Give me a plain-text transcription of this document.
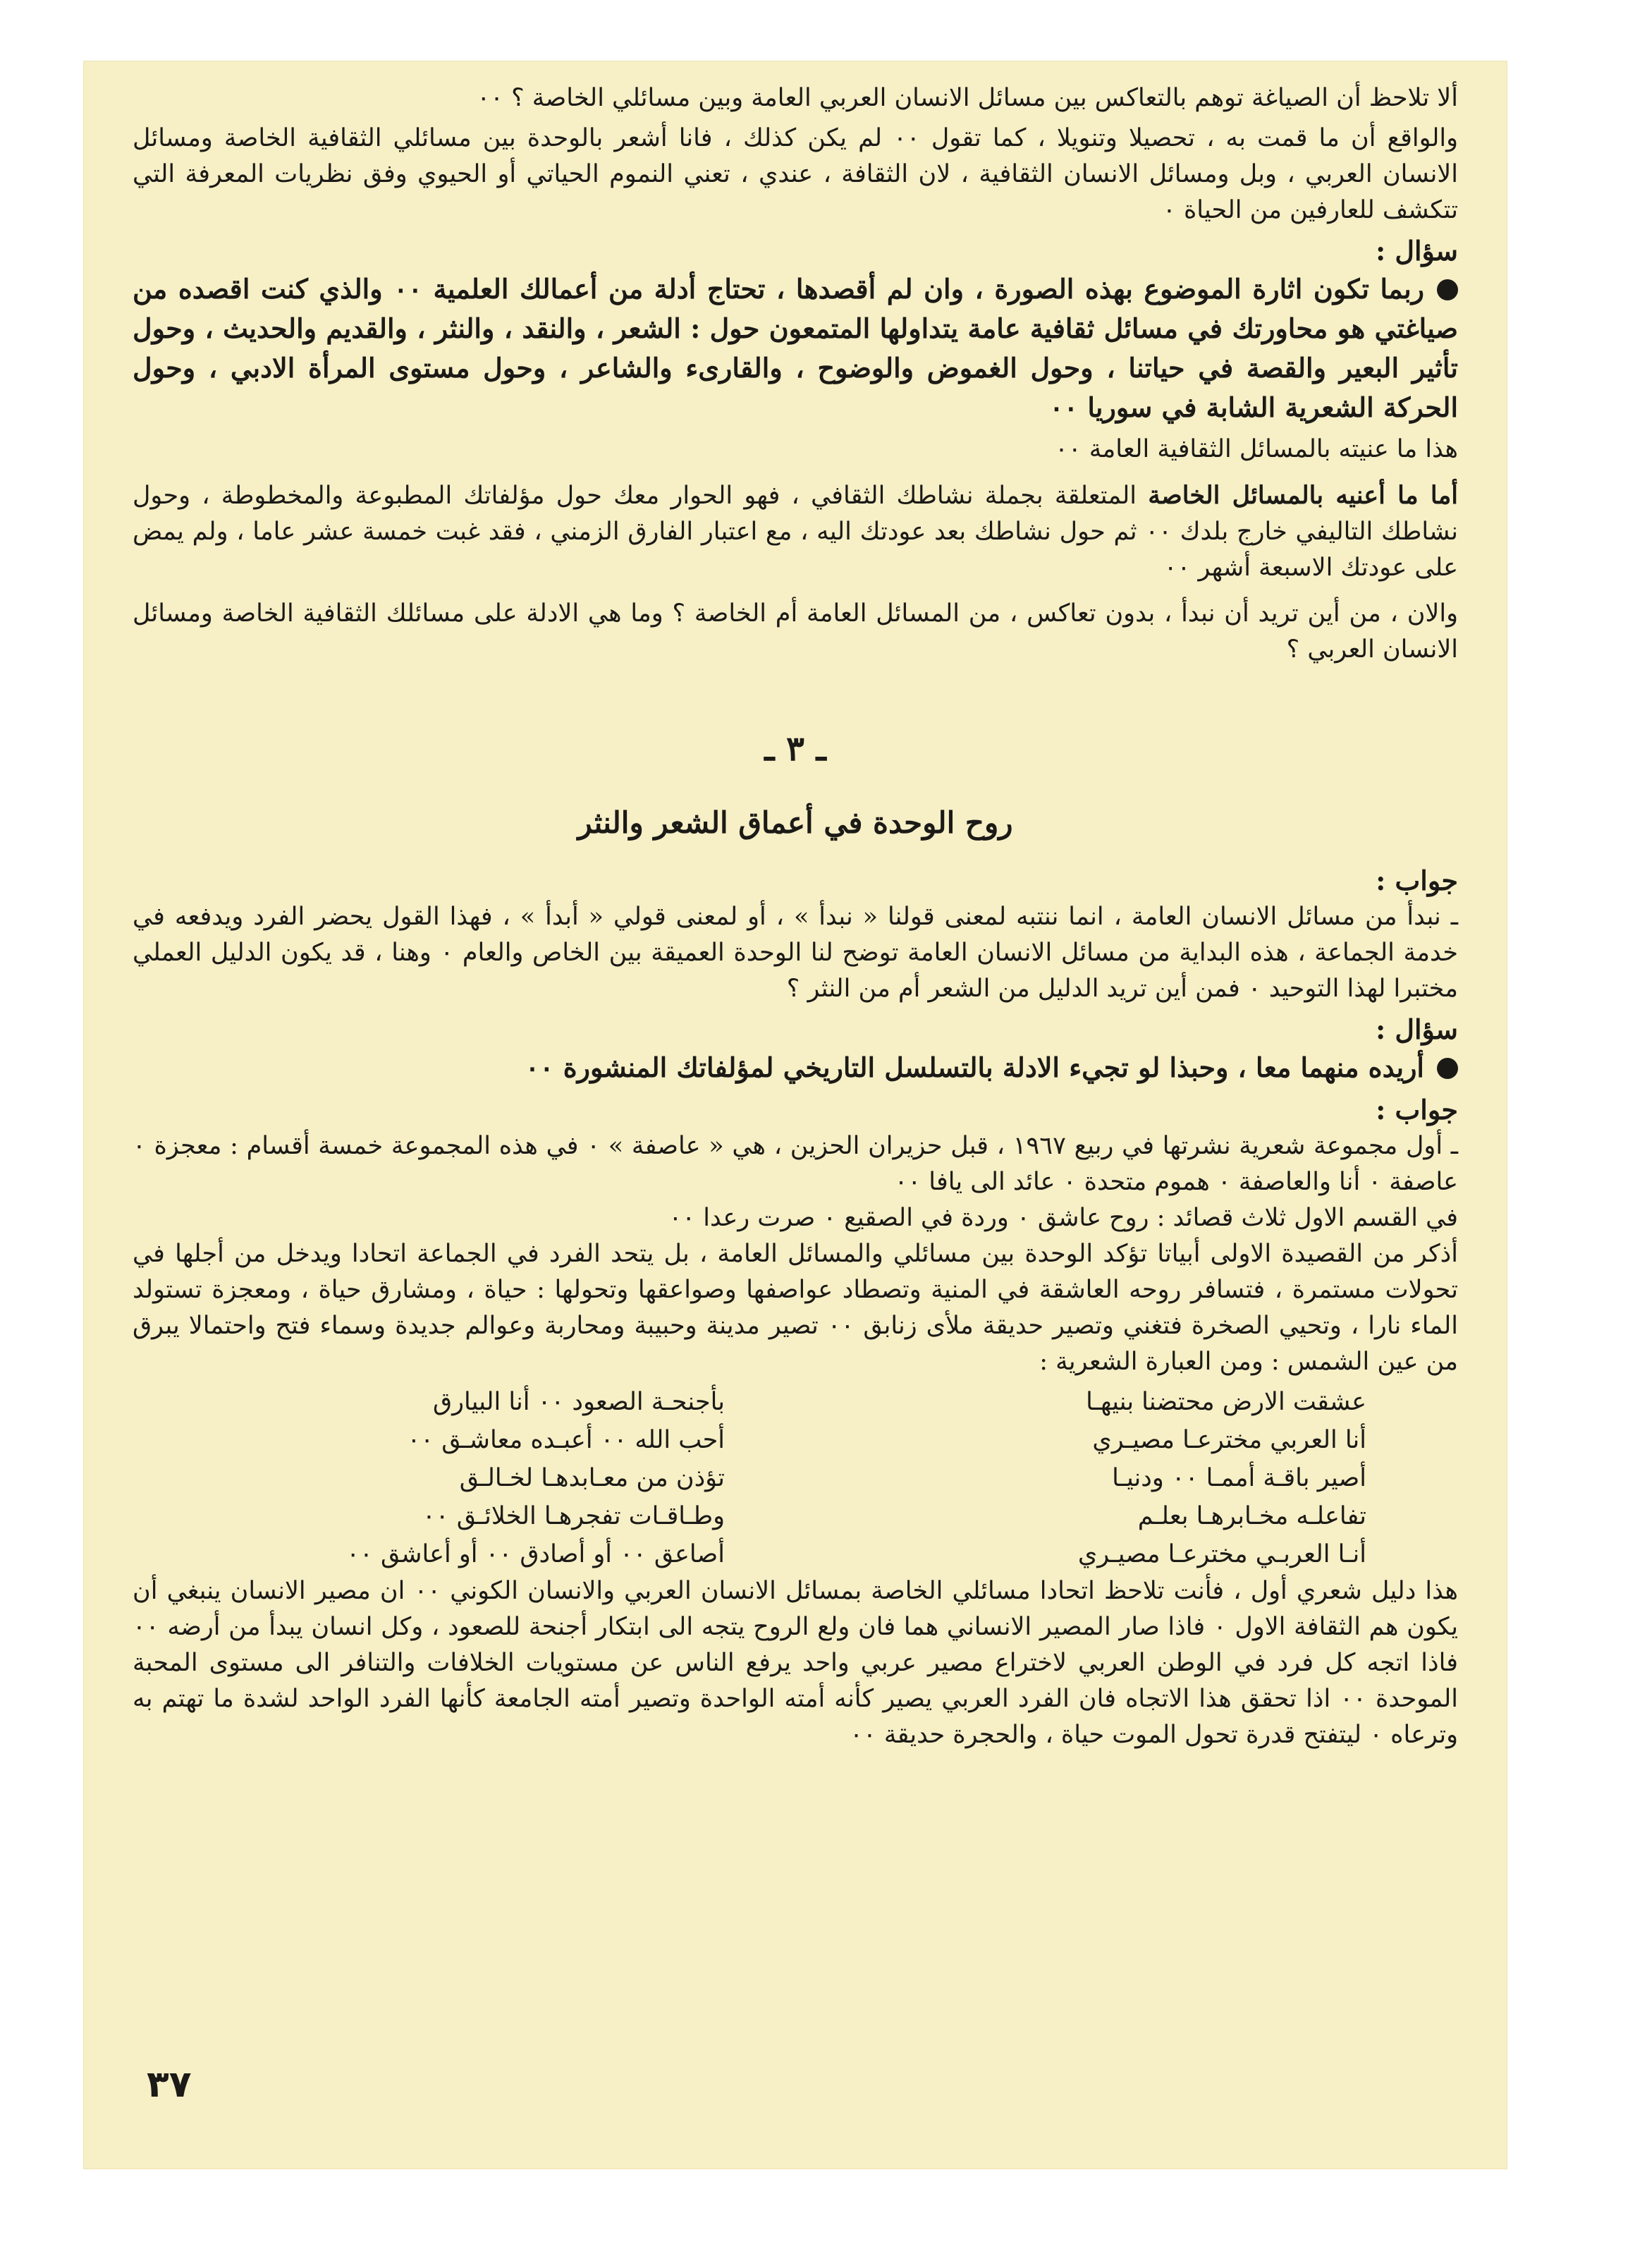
ألا تلاحظ أن الصياغة توهم بالتعاكس بين مسائل الانسان العربي العامة وبين مسائلي الخاصة ؟ ٠٠

والواقع أن ما قمت به ، تحصيلا وتنويلا ، كما تقول ٠٠ لم يكن كذلك ، فانا أشعر بالوحدة بين مسائلي الثقافية الخاصة ومسائل الانسان العربي ، وبل ومسائل الانسان الثقافية ، لان الثقافة ، عندي ، تعني النموم الحياتي أو الحيوي وفق نظريات المعرفة التي تتكشف للعارفين من الحياة ٠

سؤال :

ربما تكون اثارة الموضوع بهذه الصورة ، وان لم أقصدها ، تحتاج أدلة من أعمالك العلمية ٠٠ والذي كنت اقصده من صياغتي هو محاورتك في مسائل ثقافية عامة يتداولها المتمعون حول : الشعر ، والنقد ، والنثر ، والقديم والحديث ، وحول تأثير البعير والقصة في حياتنا ، وحول الغموض والوضوح ، والقارىء والشاعر ، وحول مستوى المرأة الادبي ، وحول الحركة الشعرية الشابة في سوريا ٠٠

هذا ما عنيته بالمسائل الثقافية العامة ٠٠

أما ما أعنيه بالمسائل الخاصة المتعلقة بجملة نشاطك الثقافي ، فهو الحوار معك حول مؤلفاتك المطبوعة والمخطوطة ، وحول نشاطك التاليفي خارج بلدك ٠٠ ثم حول نشاطك بعد عودتك اليه ، مع اعتبار الفارق الزمني ، فقد غبت خمسة عشر عاما ، ولم يمض على عودتك الاسبعة أشهر ٠٠

والان ، من أين تريد أن نبدأ ، بدون تعاكس ، من المسائل العامة أم الخاصة ؟ وما هي الادلة على مسائلك الثقافية الخاصة ومسائل الانسان العربي ؟

ـ ٣ ـ
روح الوحدة في أعماق الشعر والنثر
جواب :

ـ نبدأ من مسائل الانسان العامة ، انما ننتبه لمعنى قولنا « نبدأ » ، أو لمعنى قولي « أبدأ » ، فهذا القول يحضر الفرد ويدفعه في خدمة الجماعة ، هذه البداية من مسائل الانسان العامة توضح لنا الوحدة العميقة بين الخاص والعام ٠ وهنا ، قد يكون الدليل العملي مختبرا لهذا التوحيد ٠ فمن أين تريد الدليل من الشعر أم من النثر ؟

سؤال :

أريده منهما معا ، وحبذا لو تجيء الادلة بالتسلسل التاريخي لمؤلفاتك المنشورة ٠٠

جواب :

ـ أول مجموعة شعرية نشرتها في ربيع ١٩٦٧ ، قبل حزيران الحزين ، هي « عاصفة » ٠ في هذه المجموعة خمسة أقسام : معجزة ٠ عاصفة ٠ أنا والعاصفة ٠ هموم متحدة ٠ عائد الى يافا ٠٠

في القسم الاول ثلاث قصائد : روح عاشق ٠ وردة في الصقيع ٠ صرت رعدا ٠٠

أذكر من القصيدة الاولى أبياتا تؤكد الوحدة بين مسائلي والمسائل العامة ، بل يتحد الفرد في الجماعة اتحادا ويدخل من أجلها في تحولات مستمرة ، فتسافر روحه العاشقة في المنية وتصطاد عواصفها وصواعقها وتحولها : حياة ، ومشارق حياة ، ومعجزة تستولد الماء نارا ، وتحيي الصخرة فتغني وتصير حديقة ملأى زنابق ٠٠ تصير مدينة وحبيبة ومحاربة وعوالم جديدة وسماء فتح واحتمالا يبرق من عين الشمس : ومن العبارة الشعرية :

عشقت الارض محتضنا بنيهـا

بأجنحـة الصعود ٠٠ أنا البيارق

أنا العربي مخترعـا مصيـري

أحب الله ٠٠ أعبـده معاشـق ٠٠

أصير باقـة أممـا ٠٠ ودنيـا

تؤذن من معـابدهـا لخـالـق

تفاعلـه مخـابرهـا بعلـم

وطـاقـات تفجرهـا الخلائـق ٠٠

أنـا العربـي مخترعـا مصيـري

أصاعق ٠٠ أو أصادق ٠٠ أو أعاشق ٠٠

هذا دليل شعري أول ، فأنت تلاحظ اتحادا مسائلي الخاصة بمسائل الانسان العربي والانسان الكوني ٠٠ ان مصير الانسان ينبغي أن يكون هم الثقافة الاول ٠ فاذا صار المصير الانساني هما فان ولع الروح يتجه الى ابتكار أجنحة للصعود ، وكل انسان يبدأ من أرضه ٠٠ فاذا اتجه كل فرد في الوطن العربي لاختراع مصير عربي واحد يرفع الناس عن مستويات الخلافات والتنافر الى مستوى المحبة الموحدة ٠٠ اذا تحقق هذا الاتجاه فان الفرد العربي يصير كأنه أمته الواحدة وتصير أمته الجامعة كأنها الفرد الواحد لشدة ما تهتم به وترعاه ٠ ليتفتح قدرة تحول الموت حياة ، والحجرة حديقة ٠٠

٣٧
